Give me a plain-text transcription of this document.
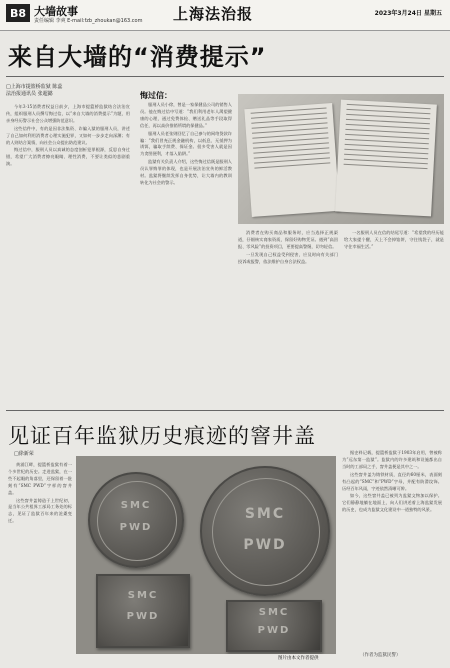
B8 大墙故事
责任编辑 李爽 E-mail:fzb_zhoukan@163.com 上海法治报	2023年3月24日 星期五
来自大墙的“消费提示”
□上海市提篮桥监狱 陈蕊
法治报通讯员 张超懿

今年3·15消费者权益日前夕，上海市提篮桥监狱结合法治宣传，组织服刑人员撰写悔过信，以“来自大墙的消费提示”为题，用亲身经历警示社会公众增强防范意识。

这些信件中，有的是因非法集资、诈骗入狱的服刑人员，讲述了自己如何利用消费者心理实施犯罪，又如何一步步走向深渊；有的人则结合案情，向社会公众提出防范建议。

悔过信中，服刑人员以真诚的态度剖析犯罪根源，反思自身过错，希望广大消费者擦亮眼睛、理性消费，不要让类似的悲剧重演。

悔过信：

服刑人员小徐，曾是一家保健品公司的销售人员。他在悔过信中写道：“我们利用老年人渴望健康的心理，通过免费体检、赠送礼品等手段取得信任，再以高价推销所谓的保健品。”

服刑人员老张则回忆了自己参与的网络贷款诈骗：“我们冒充正规金融机构，以低息、无抵押为诱饵，骗取手续费、保证金。很多受害人就是因为贪图便利，才落入陷阱。”

监狱有关负责人介绍，这些悔过信既是服刑人员认罪悔罪的体现，也是开展法治宣传的鲜活教材。监狱将继续发挥自身优势，让大墙内的教训转化为社会的警示。

消费者在购买商品和服务时，应当选择正规渠道，仔细核实商家资质，保留好购物凭证。遇到“高回报、零风险”的投资项目，更要提高警惕，切勿轻信。

一旦发现自己权益受到侵害，应及时向有关部门投诉或报警，依法维护自身合法权益。

一名服刑人员在信的结尾写道：“希望我的经历能给大家提个醒，天上不会掉馅饼，守住钱袋子，就是守住幸福生活。”

见证百年监狱历史痕迹的窨井盖
□徐新荣

黄浦江畔，提篮桥监狱有着一个多世纪的历史。走进监狱，在一些不起眼的角落里，还保留着一批刻有“SMC PWD”字样的窨井盖。

这些窨井盖铸造于上世纪初，是当年公共租界工部局工务处的标志，见证了监狱百年来的沧桑变迁。

SMC
PWD
SMC
PWD
SMC
PWD	SMC
PWD
图片由本文作者提供

据史料记载，提篮桥监狱于1903年启用，曾被称为“远东第一监狱”。监狱内的许多建筑和设施都出自当时的工部局之手，窨井盖便是其中之一。

这些窨井盖为铸铁材质，直径约60厘米，表面刻有凸起的“SMC”和“PWD”字母，并配有防滑纹饰。历经百年风雨，字迹依然清晰可辨。

如今，这些窨井盖已被列为监狱文物加以保护。它们静静地躺在地面上，向人们讲述着上海监狱发展的历史，也成为监狱文化建设中一道独特的风景。

（作者为监狱民警）
